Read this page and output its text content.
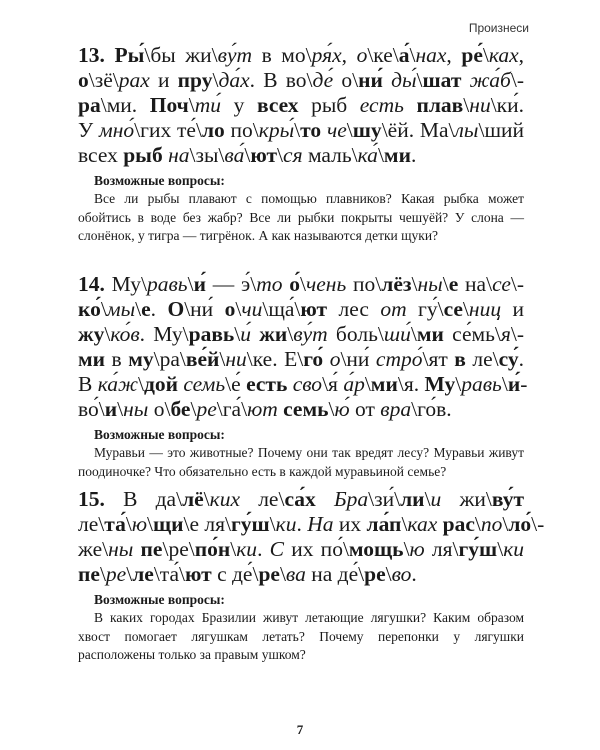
Произнеси
13. Ры́\бы жи\ву́т в мо\ря́х, о\ке\а́\нах, ре́\ках,
о\зё\рах и пру\да́х. В во\де́ о\ни́ ды́\шат жа́б\-
ра\ми. Поч\ти́ у всех рыб есть плав\ни\ки́.
У мно́\гих те́\ло по\кры́\то че\шу\ёй. Ма\лы\ший
всех рыб на\зы\ва́\ют\ся маль\ка́\ми.
Возможные вопросы:
Все ли рыбы плавают с помощью плавников? Какая рыбка может обойтись в воде без жабр? Все ли рыбки покрыты чешуёй? У слона — слонёнок, у тигра — тигрёнок. А как называются детки щуки?
14. Му\равь\и́ — э́\то о́\чень по\лёз\ны\е на\се\-
ко́\мы\е. О\ни́ о\чи\ща́\ют лес от гу́\се\ниц и
жу\ко́в. Му\равь\и́ жи\ву́т боль\ши́\ми се́мь\я\-
ми в му\ра\ве́й\ни\ке. Е\го́ о\ни́ стро́\ят в ле\су́.
В ка́ж\дой семь\е́ есть сво\я́ а́р\ми\я. Му\равь\и́-
во́\и\ны о\бе\ре\га́\ют семь\ю́ от вра\го́в.
Возможные вопросы:
Муравьи — это животные? Почему они так вредят лесу? Муравьи живут поодиночке? Что обязательно есть в каждой муравьиной семье?
15. В да\лё\ких ле\са́х Бра\зи́\ли\и жи\ву́т
ле\та́\ю\щи\е ля\гу́ш\ки. На их ла́п\ках рас\по\ло́\-
же\ны пе\ре\по́н\ки. С их по́\мощь\ю ля\гу́ш\ки
пе\ре\ле\та́\ют с де́\ре\ва на де́\ре\во.
Возможные вопросы:
В каких городах Бразилии живут летающие лягушки? Каким образом хвост помогает лягушкам летать? Почему перепонки у лягушки расположены только за правым ушком?
7
